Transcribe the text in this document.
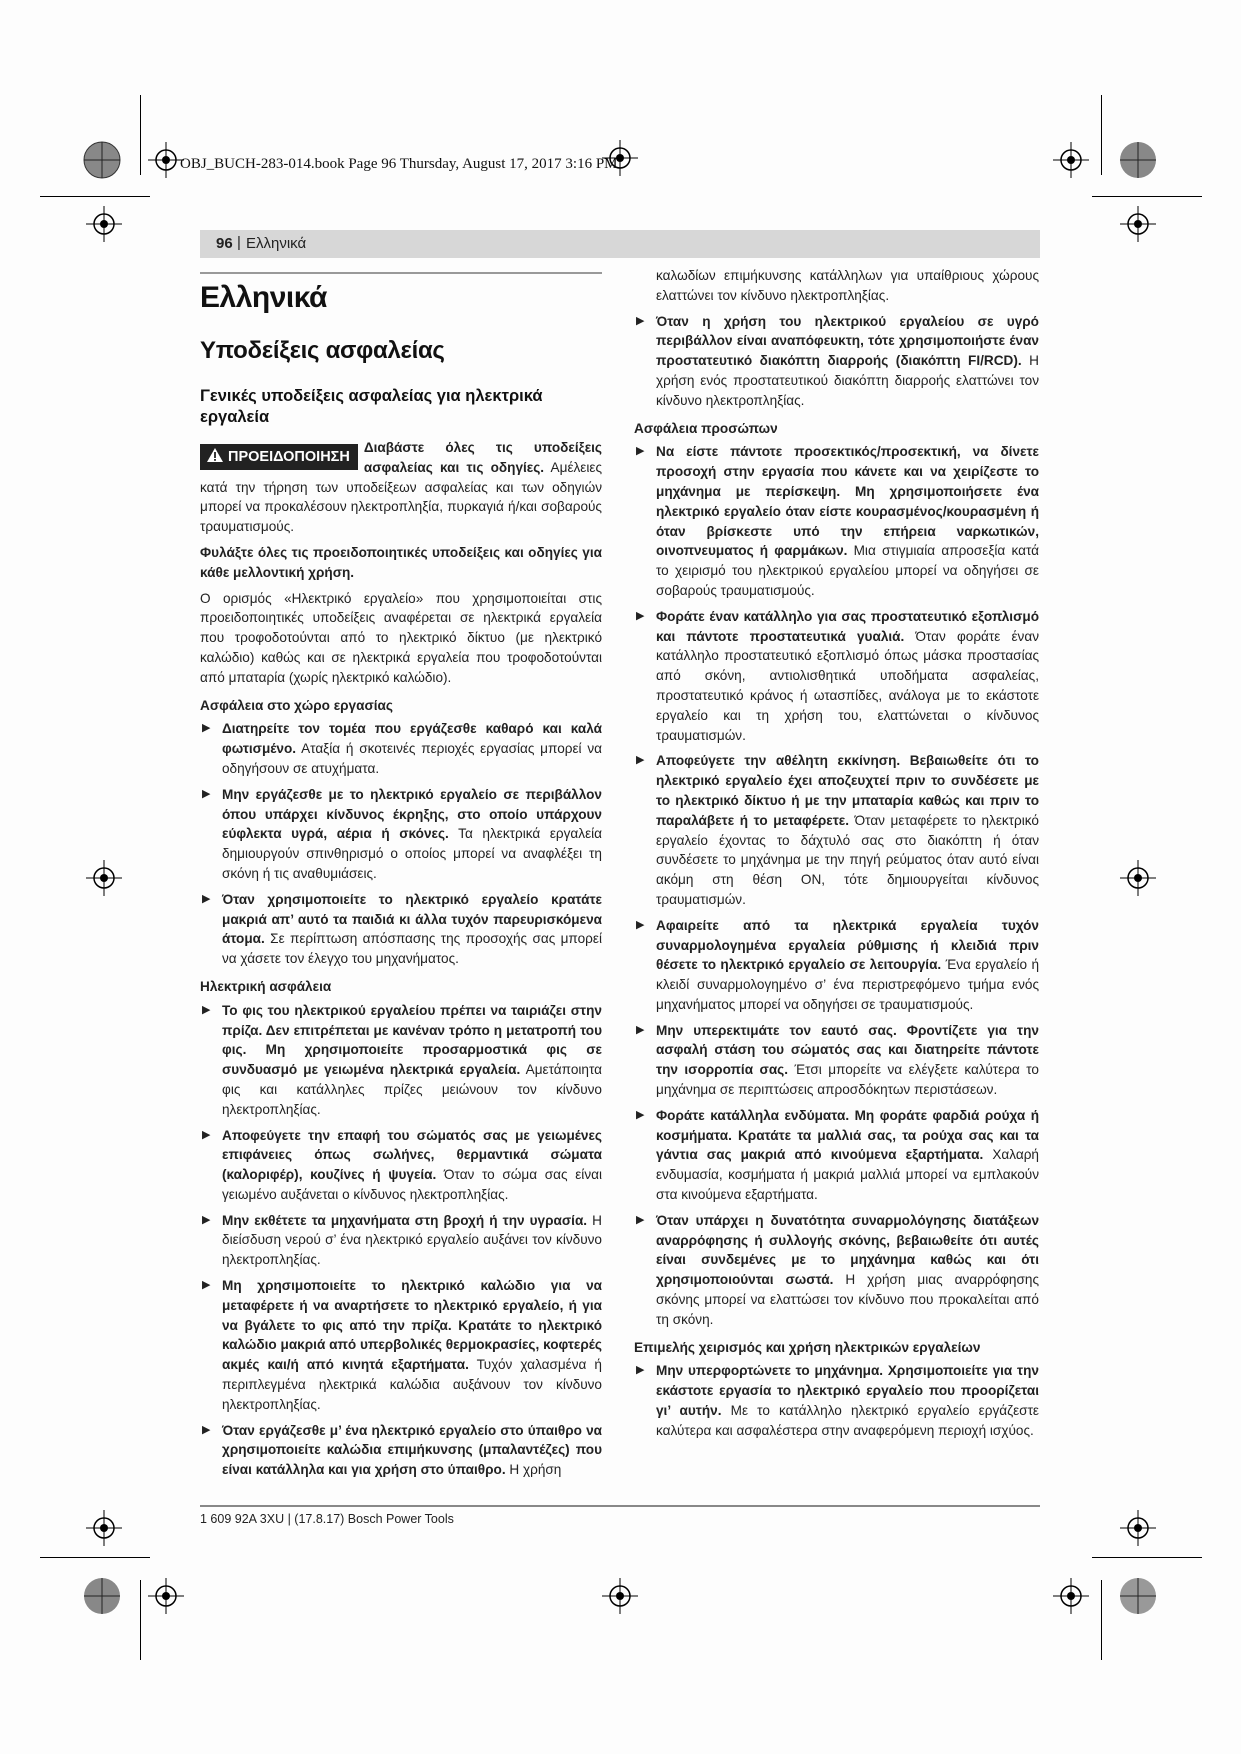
OBJ_BUCH-283-014.book Page 96 Thursday, August 17, 2017 3:16 PM
96 | Ελληνικά
Ελληνικά
Υποδείξεις ασφαλείας
Γενικές υποδείξεις ασφαλείας για ηλεκτρικά εργαλεία

ΠΡΟΕΙΔΟΠΟΙΗΣΗ
Διαβάστε όλες τις υποδείξεις ασφαλείας και τις οδηγίες. Αμέλειες κατά την τήρηση των υποδείξεων ασφαλείας και των οδηγιών μπορεί να προκαλέσουν ηλεκτροπληξία, πυρκαγιά ή/και σοβαρούς τραυματισμούς.

Φυλάξτε όλες τις προειδοποιητικές υποδείξεις και οδηγίες για κάθε μελλοντική χρήση.

Ο ορισμός «Ηλεκτρικό εργαλείο» που χρησιμοποιείται στις προειδοποιητικές υποδείξεις αναφέρεται σε ηλεκτρικά εργαλεία που τροφοδοτούνται από το ηλεκτρικό δίκτυο (με ηλεκτρικό καλώδιο) καθώς και σε ηλεκτρικά εργαλεία που τροφοδοτούνται από μπαταρία (χωρίς ηλεκτρικό καλώδιο).

Ασφάλεια στο χώρο εργασίας
▶ Διατηρείτε τον τομέα που εργάζεσθε καθαρό και καλά φωτισμένο. Αταξία ή σκοτεινές περιοχές εργασίας μπορεί να οδηγήσουν σε ατυχήματα.
▶ Μην εργάζεσθε με το ηλεκτρικό εργαλείο σε περιβάλλον όπου υπάρχει κίνδυνος έκρηξης, στο οποίο υπάρχουν εύφλεκτα υγρά, αέρια ή σκόνες. Τα ηλεκτρικά εργαλεία δημιουργούν σπινθηρισμό ο οποίος μπορεί να αναφλέξει τη σκόνη ή τις αναθυμιάσεις.
▶ Όταν χρησιμοποιείτε το ηλεκτρικό εργαλείο κρατάτε μακριά απ’ αυτό τα παιδιά κι άλλα τυχόν παρευρισκόμενα άτομα. Σε περίπτωση απόσπασης της προσοχής σας μπορεί να χάσετε τον έλεγχο του μηχανήματος.
Ηλεκτρική ασφάλεια
▶ Το φις του ηλεκτρικού εργαλείου πρέπει να ταιριάζει στην πρίζα. Δεν επιτρέπεται με κανέναν τρόπο η μετατροπή του φις. Μη χρησιμοποιείτε προσαρμοστικά φις σε συνδυασμό με γειωμένα ηλεκτρικά εργαλεία. Αμετάποιητα φις και κατάλληλες πρίζες μειώνουν τον κίνδυνο ηλεκτροπληξίας.
▶ Αποφεύγετε την επαφή του σώματός σας με γειωμένες επιφάνειες όπως σωλήνες, θερμαντικά σώματα (καλοριφέρ), κουζίνες ή ψυγεία. Όταν το σώμα σας είναι γειωμένο αυξάνεται ο κίνδυνος ηλεκτροπληξίας.
▶ Μην εκθέτετε τα μηχανήματα στη βροχή ή την υγρασία. Η διείσδυση νερού σ’ ένα ηλεκτρικό εργαλείο αυξάνει τον κίνδυνο ηλεκτροπληξίας.
▶ Μη χρησιμοποιείτε το ηλεκτρικό καλώδιο για να μεταφέρετε ή να αναρτήσετε το ηλεκτρικό εργαλείο, ή για να βγάλετε το φις από την πρίζα. Κρατάτε το ηλεκτρικό καλώδιο μακριά από υπερβολικές θερμοκρασίες, κοφτερές ακμές και/ή από κινητά εξαρτήματα. Τυχόν χαλασμένα ή περιπλεγμένα ηλεκτρικά καλώδια αυξάνουν τον κίνδυνο ηλεκτροπληξίας.
▶ Όταν εργάζεσθε μ’ ένα ηλεκτρικό εργαλείο στο ύπαιθρο να χρησιμοποιείτε καλώδια επιμήκυνσης (μπαλαντέζες) που είναι κατάλληλα και για χρήση στο ύπαιθρο. Η χρήση

καλωδίων επιμήκυνσης κατάλληλων για υπαίθριους χώρους ελαττώνει τον κίνδυνο ηλεκτροπληξίας.

▶ Όταν η χρήση του ηλεκτρικού εργαλείου σε υγρό περιβάλλον είναι αναπόφευκτη, τότε χρησιμοποιήστε έναν προστατευτικό διακόπτη διαρροής (διακόπτη FI/RCD). Η χρήση ενός προστατευτικού διακόπτη διαρροής ελαττώνει τον κίνδυνο ηλεκτροπληξίας.
Ασφάλεια προσώπων
▶ Να είστε πάντοτε προσεκτικός/προσεκτική, να δίνετε προσοχή στην εργασία που κάνετε και να χειρίζεστε το μηχάνημα με περίσκεψη. Μη χρησιμοποιήσετε ένα ηλεκτρικό εργαλείο όταν είστε κουρασμένος/κουρασμένη ή όταν βρίσκεστε υπό την επήρεια ναρκωτικών, οινοπνευματος ή φαρμάκων. Μια στιγμιαία απροσεξία κατά το χειρισμό του ηλεκτρικού εργαλείου μπορεί να οδηγήσει σε σοβαρούς τραυματισμούς.
▶ Φοράτε έναν κατάλληλο για σας προστατευτικό εξοπλισμό και πάντοτε προστατευτικά γυαλιά. Όταν φοράτε έναν κατάλληλο προστατευτικό εξοπλισμό όπως μάσκα προστασίας από σκόνη, αντιολισθητικά υποδήματα ασφαλείας, προστατευτικό κράνος ή ωτασπίδες, ανάλογα με το εκάστοτε εργαλείο και τη χρήση του, ελαττώνεται ο κίνδυνος τραυματισμών.
▶ Αποφεύγετε την αθέλητη εκκίνηση. Βεβαιωθείτε ότι το ηλεκτρικό εργαλείο έχει αποζευχτεί πριν το συνδέσετε με το ηλεκτρικό δίκτυο ή με την μπαταρία καθώς και πριν το παραλάβετε ή το μεταφέρετε. Όταν μεταφέρετε το ηλεκτρικό εργαλείο έχοντας το δάχτυλό σας στο διακόπτη ή όταν συνδέσετε το μηχάνημα με την πηγή ρεύματος όταν αυτό είναι ακόμη στη θέση ON, τότε δημιουργείται κίνδυνος τραυματισμών.
▶ Αφαιρείτε από τα ηλεκτρικά εργαλεία τυχόν συναρμολογημένα εργαλεία ρύθμισης ή κλειδιά πριν θέσετε το ηλεκτρικό εργαλείο σε λειτουργία. Ένα εργαλείο ή κλειδί συναρμολογημένο σ’ ένα περιστρεφόμενο τμήμα ενός μηχανήματος μπορεί να οδηγήσει σε τραυματισμούς.
▶ Μην υπερεκτιμάτε τον εαυτό σας. Φροντίζετε για την ασφαλή στάση του σώματός σας και διατηρείτε πάντοτε την ισορροπία σας. Έτσι μπορείτε να ελέγξετε καλύτερα το μηχάνημα σε περιπτώσεις απροσδόκητων περιστάσεων.
▶ Φοράτε κατάλληλα ενδύματα. Μη φοράτε φαρδιά ρούχα ή κοσμήματα. Κρατάτε τα μαλλιά σας, τα ρούχα σας και τα γάντια σας μακριά από κινούμενα εξαρτήματα. Χαλαρή ενδυμασία, κοσμήματα ή μακριά μαλλιά μπορεί να εμπλακούν στα κινούμενα εξαρτήματα.
▶ Όταν υπάρχει η δυνατότητα συναρμολόγησης διατάξεων αναρρόφησης ή συλλογής σκόνης, βεβαιωθείτε ότι αυτές είναι συνδεμένες με το μηχάνημα καθώς και ότι χρησιμοποιούνται σωστά. Η χρήση μιας αναρρόφησης σκόνης μπορεί να ελαττώσει τον κίνδυνο που προκαλείται από τη σκόνη.
Επιμελής χειρισμός και χρήση ηλεκτρικών εργαλείων
▶ Μην υπερφορτώνετε το μηχάνημα. Χρησιμοποιείτε για την εκάστοτε εργασία το ηλεκτρικό εργαλείο που προορίζεται γι’ αυτήν. Με το κατάλληλο ηλεκτρικό εργαλείο εργάζεστε καλύτερα και ασφαλέστερα στην αναφερόμενη περιοχή ισχύος.
1 609 92A 3XU | (17.8.17) Bosch Power Tools
